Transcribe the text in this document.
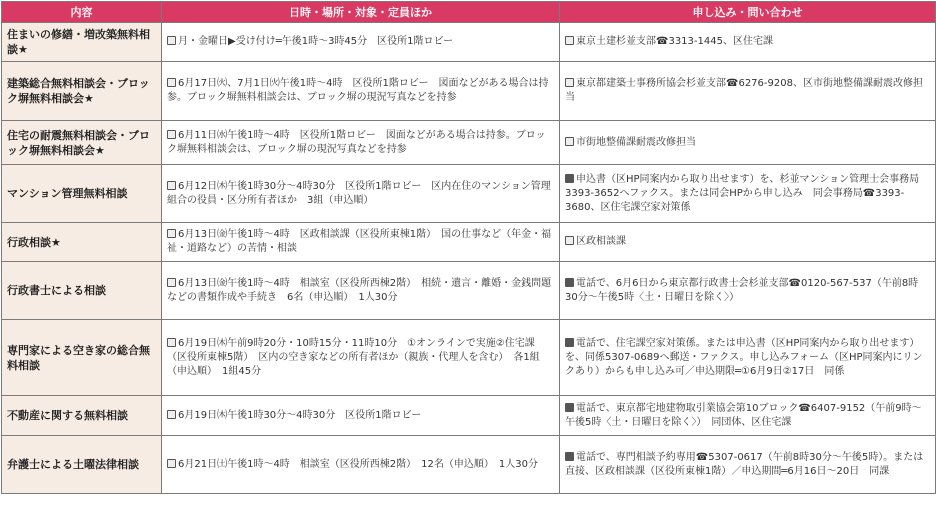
内容	日時・場所・対象・定員ほか	申し込み・問い合わせ
住まいの修繕・増改築無料相談★	月・金曜日▶受け付け═午後1時～3時45分　区役所1階ロビー	東京土建杉並支部☎3313-1445、区住宅課
建築総合無料相談会・ブロック塀無料相談会★	6月17日㈫、7月1日㈫午後1時～4時　区役所1階ロビー　図面などがある場合は持参。ブロック塀無料相談会は、ブロック塀の現況写真などを持参	東京都建築士事務所協会杉並支部☎6276-9208、区市街地整備課耐震改修担当
住宅の耐震無料相談会・ブロック塀無料相談会★	6月11日㈬午後1時～4時　区役所1階ロビー　図面などがある場合は持参。ブロック塀無料相談会は、ブロック塀の現況写真などを持参	市街地整備課耐震改修担当
マンション管理無料相談	6月12日㈭午後1時30分～4時30分　区役所1階ロビー　区内在住のマンション管理組合の役員・区分所有者ほか　3組（申込順）	申込書（区HP同案内から取り出せます）を、杉並マンション管理士会事務局3393-3652へファクス。または同会HPから申し込み　同会事務局☎3393-3680、区住宅課空家対策係
行政相談★	6月13日㈮午後1時～4時　区政相談課（区役所東棟1階）　国の仕事など（年金・福祉・道路など）の苦情・相談	区政相談課
行政書士による相談	6月13日㈮午後1時～4時　相談室（区役所西棟2階）　相続・遺言・離婚・金銭問題などの書類作成や手続き　6名（申込順）　1人30分	電話で、6月6日から東京都行政書士会杉並支部☎0120-567-537（午前8時30分～午後5時〈土・日曜日を除く〉）
専門家による空き家の総合無料相談	6月19日㈭午前9時20分・10時15分・11時10分　①オンラインで実施②住宅課（区役所東棟5階）　区内の空き家などの所有者ほか（親族・代理人を含む）　各1組（申込順）　1組45分	電話で、住宅課空家対策係。または申込書（区HP同案内から取り出せます）を、同係5307-0689へ郵送・ファクス。申し込みフォーム（区HP同案内にリンクあり）からも申し込み可／申込期限═①6月9日②17日　同係
不動産に関する無料相談	6月19日㈭午後1時30分～4時30分　区役所1階ロビー	電話で、東京都宅地建物取引業協会第10ブロック☎6407-9152（午前9時～午後5時〈土・日曜日を除く〉）　同団体、区住宅課
弁護士による土曜法律相談	6月21日㈯午後1時～4時　相談室（区役所西棟2階）　12名（申込順）　1人30分	電話で、専門相談予約専用☎5307-0617（午前8時30分～午後5時）。または直接、区政相談課（区役所東棟1階）／申込期間═6月16日～20日　同課
